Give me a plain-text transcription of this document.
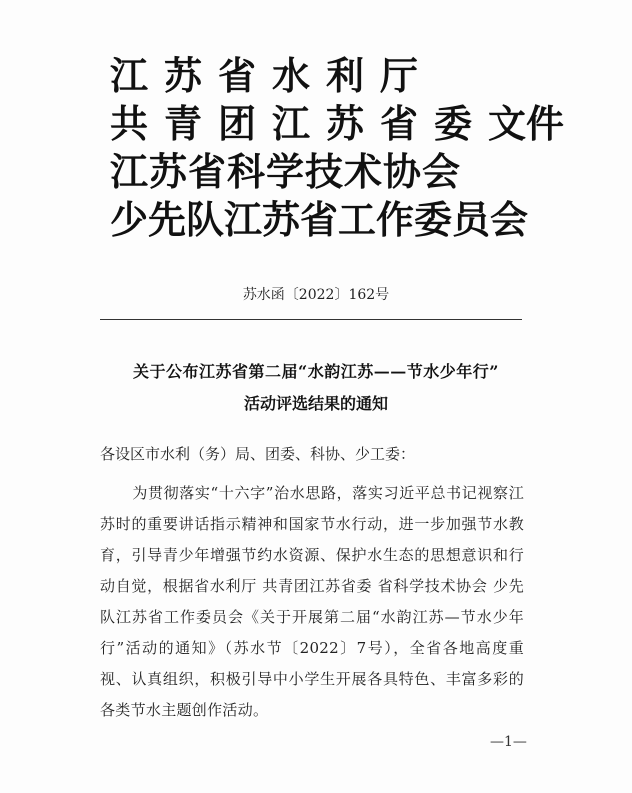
江苏省水利厅
共青团江苏省委文件
江苏省科学技术协会
少先队江苏省工作委员会
苏水函〔2022〕162号
关于公布江苏省第二届“水韵江苏——节水少年行”
活动评选结果的通知
各设区市水利（务）局、团委、科协、少工委：
为贯彻落实“十六字”治水思路，落实习近平总书记视察江苏时的重要讲话指示精神和国家节水行动，进一步加强节水教育，引导青少年增强节约水资源、保护水生态的思想意识和行动自觉，根据省水利厅 共青团江苏省委 省科学技术协会 少先队江苏省工作委员会《关于开展第二届“水韵江苏—节水少年行”活动的通知》（苏水节〔2022〕7号），全省各地高度重视、认真组织，积极引导中小学生开展各具特色、丰富多彩的各类节水主题创作活动。
—1—
